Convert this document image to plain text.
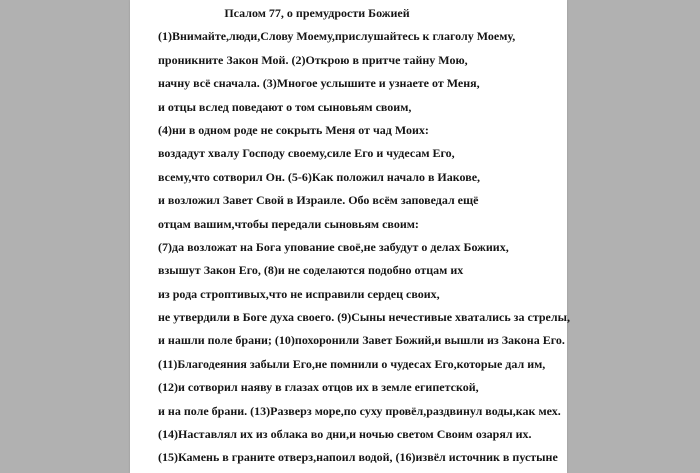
Псалом 77, о премудрости Божией
(1)Внимайте,люди,Слову Моему,прислушайтесь к глаголу Моему,
проникните Закон Мой. (2)Открою в притче тайну Мою,
начну всё сначала. (3)Многое услышите и узнаете от Меня,
и отцы вслед поведают о том сыновьям своим,
(4)ни в одном роде не сокрыть Меня от чад Моих:
воздадут хвалу Господу своему,силе Его и чудесам Его,
всему,что сотворил Он. (5-6)Как положил начало в Иакове,
и возложил Завет Свой в Израиле. Обо всём заповедал ещё
отцам вашим,чтобы передали сыновьям своим:
(7)да возложат на Бога упование своё,не забудут о делах Божиих,
взышут Закон Его, (8)и не соделаются подобно отцам их
из рода строптивых,что не исправили сердец своих,
не утвердили в Боге духа своего. (9)Сыны нечестивые хватались за стрелы,
и нашли поле брани; (10)похоронили Завет Божий,и вышли из Закона Его.
(11)Благодеяния забыли Его,не помнили о чудесах Его,которые дал им,
(12)и сотворил наяву в глазах отцов их в земле египетской,
и на поле брани. (13)Разверз море,по суху провёл,раздвинул воды,как мех.
(14)Наставлял их из облака во дни,и ночью светом Своим озарял их.
(15)Камень в граните отверз,напоил водой, (16)извёл источник в пустыне
